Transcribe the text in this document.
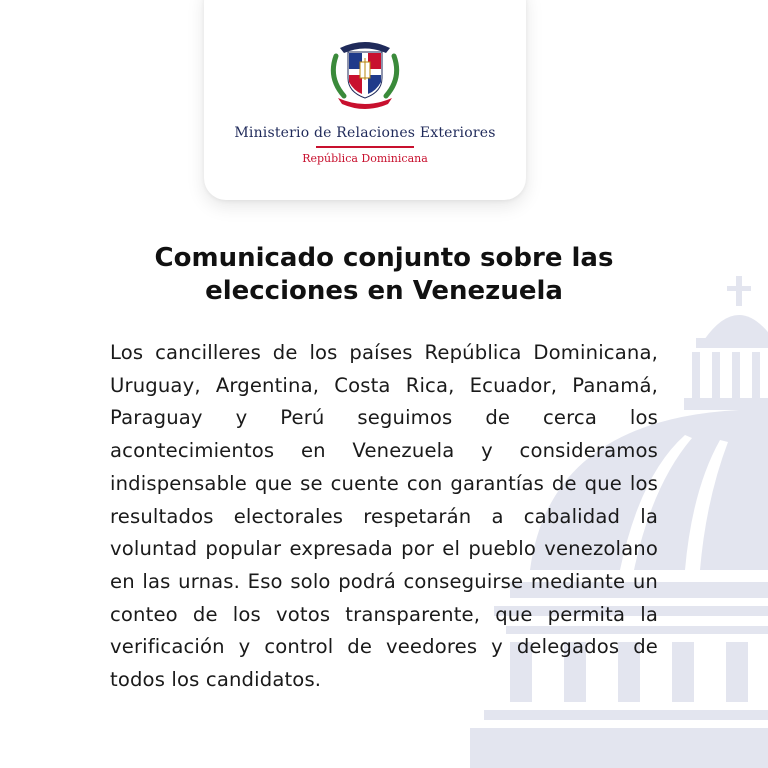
Ministerio de Relaciones Exteriores
República Dominicana
Comunicado conjunto sobre las elecciones en Venezuela

Los cancilleres de los países República Dominicana, Uruguay, Argentina, Costa Rica, Ecuador, Panamá, Paraguay y Perú seguimos de cerca los acontecimientos en Venezuela y consideramos indispensable que se cuente con garantías de que los resultados electorales respetarán a cabalidad la voluntad popular expresada por el pueblo venezolano en las urnas. Eso solo podrá conseguirse mediante un conteo de los votos transparente, que permita la verificación y control de veedores y delegados de todos los candidatos.
